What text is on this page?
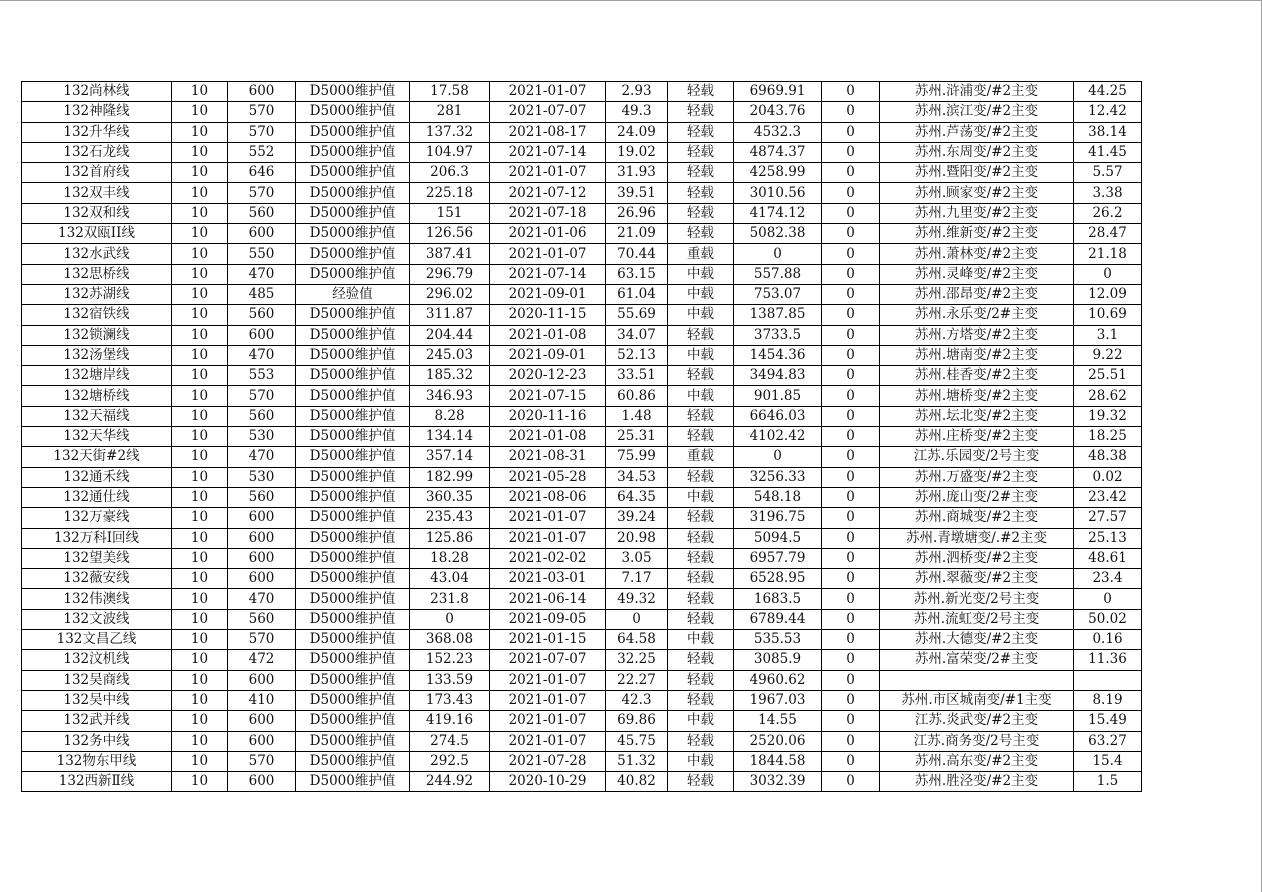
132尚林线	10	600	D5000维护值	17.58	2021-01-07	2.93	轻载	6969.91	0	苏州.浒浦变/#2主变	44.25
132神隆线	10	570	D5000维护值	281	2021-07-07	49.3	轻载	2043.76	0	苏州.滨江变/#2主变	12.42
132升华线	10	570	D5000维护值	137.32	2021-08-17	24.09	轻载	4532.3	0	苏州.芦荡变/#2主变	38.14
132石龙线	10	552	D5000维护值	104.97	2021-07-14	19.02	轻载	4874.37	0	苏州.东周变/#2主变	41.45
132首府线	10	646	D5000维护值	206.3	2021-01-07	31.93	轻载	4258.99	0	苏州.暨阳变/#2主变	5.57
132双丰线	10	570	D5000维护值	225.18	2021-07-12	39.51	轻载	3010.56	0	苏州.顾家变/#2主变	3.38
132双和线	10	560	D5000维护值	151	2021-07-18	26.96	轻载	4174.12	0	苏州.九里变/#2主变	26.2
132双瓯II线	10	600	D5000维护值	126.56	2021-01-06	21.09	轻载	5082.38	0	苏州.维新变/#2主变	28.47
132水武线	10	550	D5000维护值	387.41	2021-01-07	70.44	重载	0	0	苏州.萧林变/#2主变	21.18
132思桥线	10	470	D5000维护值	296.79	2021-07-14	63.15	中载	557.88	0	苏州.灵峰变/#2主变	0
132苏湖线	10	485	经验值	296.02	2021-09-01	61.04	中载	753.07	0	苏州.邵昂变/#2主变	12.09
132宿铁线	10	560	D5000维护值	311.87	2020-11-15	55.69	中载	1387.85	0	苏州.永乐变/2#主变	10.69
132锁澜线	10	600	D5000维护值	204.44	2021-01-08	34.07	轻载	3733.5	0	苏州.方塔变/#2主变	3.1
132汤堡线	10	470	D5000维护值	245.03	2021-09-01	52.13	中载	1454.36	0	苏州.塘南变/#2主变	9.22
132塘岸线	10	553	D5000维护值	185.32	2020-12-23	33.51	轻载	3494.83	0	苏州.桂香变/#2主变	25.51
132塘桥线	10	570	D5000维护值	346.93	2021-07-15	60.86	中载	901.85	0	苏州.塘桥变/#2主变	28.62
132天福线	10	560	D5000维护值	8.28	2020-11-16	1.48	轻载	6646.03	0	苏州.坛北变/#2主变	19.32
132天华线	10	530	D5000维护值	134.14	2021-01-08	25.31	轻载	4102.42	0	苏州.庄桥变/#2主变	18.25
132天街#2线	10	470	D5000维护值	357.14	2021-08-31	75.99	重载	0	0	江苏.乐园变/2号主变	48.38
132通禾线	10	530	D5000维护值	182.99	2021-05-28	34.53	轻载	3256.33	0	苏州.万盛变/#2主变	0.02
132通仕线	10	560	D5000维护值	360.35	2021-08-06	64.35	中载	548.18	0	苏州.庞山变/2#主变	23.42
132万豪线	10	600	D5000维护值	235.43	2021-01-07	39.24	轻载	3196.75	0	苏州.商城变/#2主变	27.57
132万科Ⅰ回线	10	600	D5000维护值	125.86	2021-01-07	20.98	轻载	5094.5	0	苏州.青墩塘变/.#2主变	25.13
132望美线	10	600	D5000维护值	18.28	2021-02-02	3.05	轻载	6957.79	0	苏州.泗桥变/#2主变	48.61
132薇安线	10	600	D5000维护值	43.04	2021-03-01	7.17	轻载	6528.95	0	苏州.翠薇变/#2主变	23.4
132伟澳线	10	470	D5000维护值	231.8	2021-06-14	49.32	轻载	1683.5	0	苏州.新光变/2号主变	0
132文波线	10	560	D5000维护值	0	2021-09-05	0	轻载	6789.44	0	苏州.流虹变/2号主变	50.02
132文昌乙线	10	570	D5000维护值	368.08	2021-01-15	64.58	中载	535.53	0	苏州.大德变/#2主变	0.16
132汶机线	10	472	D5000维护值	152.23	2021-07-07	32.25	轻载	3085.9	0	苏州.富荣变/2#主变	11.36
132吴商线	10	600	D5000维护值	133.59	2021-01-07	22.27	轻载	4960.62	0		
132吴中线	10	410	D5000维护值	173.43	2021-01-07	42.3	轻载	1967.03	0	苏州.市区城南变/#1主变	8.19
132武并线	10	600	D5000维护值	419.16	2021-01-07	69.86	中载	14.55	0	江苏.炎武变/#2主变	15.49
132务中线	10	600	D5000维护值	274.5	2021-01-07	45.75	轻载	2520.06	0	江苏.商务变/2号主变	63.27
132物东甲线	10	570	D5000维护值	292.5	2021-07-28	51.32	中载	1844.58	0	苏州.高东变/#2主变	15.4
132西新Ⅱ线	10	600	D5000维护值	244.92	2020-10-29	40.82	轻载	3032.39	0	苏州.胜泾变/#2主变	1.5
